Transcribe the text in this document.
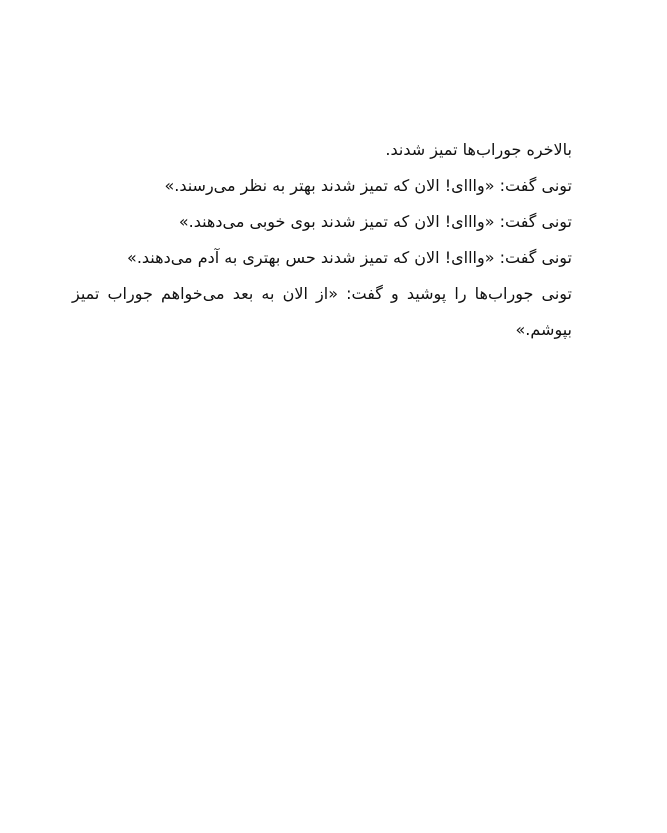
بالاخره جوراب‌ها تمیز شدند.

تونی گفت: «وااای! الان که تمیز شدند بهتر به نظر می‌رسند.»

تونی گفت: «وااای! الان که تمیز شدند بوی خوبی می‌دهند.»

تونی گفت: «وااای! الان که تمیز شدند حس بهتری به آدم می‌دهند.»

تونی جوراب‌ها را پوشید و گفت: «از الان به بعد می‌خواهم جوراب تمیز بپوشم.»
